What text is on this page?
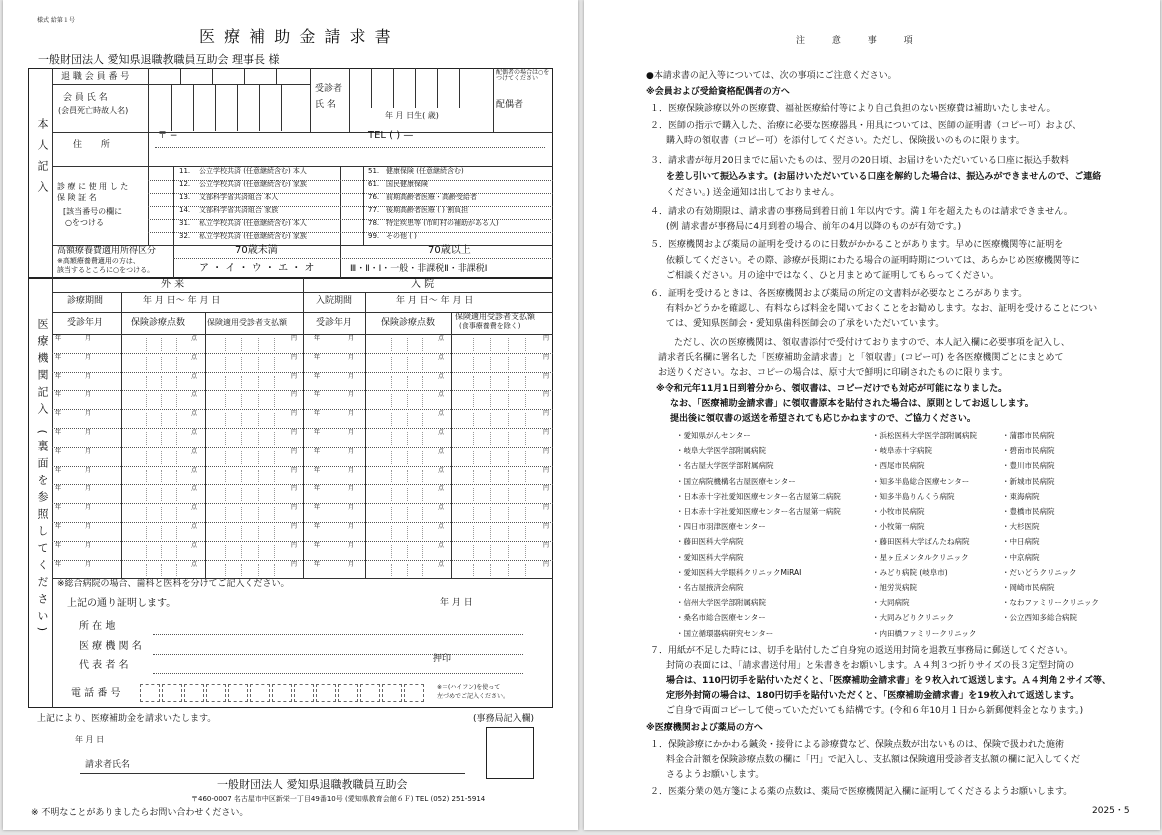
様式 給第１号
医 療 補 助 金 請 求 書
一般財団法人 愛知県退職教職員互助会 理事長 様
本人記入
退 職 会 員 番 号
会 員 氏 名
(会員死亡時故人名)
受診者
氏 名
年 月 日生( 歳)
配偶者の場合は○をつけてください
配偶者
住 所
〒 −	TEL ( ) —
診 療 に 使 用 し た
保 険 証 名
[該当番号の欄に
○をつける
高額療養費適用所得区分
※高額療養費適用の方は、
該当するところに○をつける。
70歳未満	70歳以上
ア ・ イ ・ ウ ・ エ ・ オ	Ⅲ・Ⅱ・Ⅰ・一般・非課税Ⅱ・非課税Ⅰ
医療機関記入 (裏面を参照してください)
外 来	入 院
診療期間	年 月 日〜 年 月 日	入院期間	年 月 日〜 年 月 日
受診年月	保険診療点数	保険適用受診者支払額	受診年月	保険診療点数
保険適用受診者支払額
(食事療養費を除く)
※総合病院の場合、歯科と医科を分けてご記入ください。
上記の通り証明します。	年 月 日
所 在 地
医 療 機 関 名
代 表 者 名
押印
電 話 番 号
※＝(ハイフン)を使って
左づめでご記入ください。
上記により、医療補助金を請求いたします。	(事務局記入欄)
年 月 日
請求者氏名
一般財団法人 愛知県退職教職員互助会
〒460-0007 名古屋市中区新栄一丁目49番10号 (愛知県教育会館６Ｆ) TEL (052) 251-5914
※ 不明なことがありましたらお問い合わせください。
11. 公立学校共済 (任意継続含む) 本人	51. 健康保険 (任意継続含む)
12. 公立学校共済 (任意継続含む) 家族	61. 国民健康保険
13. 文部科学省共済組合 本人	76. 前期高齢者医療・高齢受給者
14. 文部科学省共済組合 家族	77. 後期高齢者医療 ( ) 割負担
31. 私立学校共済 (任意継続含む) 本人	78. 特定疾患等 (市町村の補助がある人)
32. 私立学校共済 (任意継続含む) 家族	99. その他 ( )
年	月	点	円	年	月	点	円
年	月	点	円	年	月	点	円
年	月	点	円	年	月	点	円
年	月	点	円	年	月	点	円
年	月	点	円	年	月	点	円
年	月	点	円	年	月	点	円
年	月	点	円	年	月	点	円
年	月	点	円	年	月	点	円
年	月	点	円	年	月	点	円
年	月	点	円	年	月	点	円
年	月	点	円	年	月	点	円
年	月	点	円	年	月	点	円
年	月	点	円	年	月	点	円
注 意 事 項
●本請求書の記入等については、次の事項にご注意ください。
※会員および受給資格配偶者の方へ
１．医療保険診療以外の医療費、福祉医療給付等により自己負担のない医療費は補助いたしません。
２．医師の指示で購入した、治療に必要な医療器具・用具については、医師の証明書（コピー可）および、
購入時の領収書（コピー可）を添付してください。ただし、保険扱いのものに限ります。
３．請求書が毎月20日までに届いたものは、翌月の20日頃、お届けをいただいている口座に振込手数料
を差し引いて振込みます。(お届けいただいている口座を解約した場合は、振込みができませんので、ご連絡
ください。) 送金通知は出しておりません。
４．請求の有効期限は、請求書の事務局到着日前１年以内です。満１年を超えたものは請求できません。
(例 請求書が事務局に4月到着の場合、前年の4月以降のものが有効です。)
５．医療機関および薬局の証明を受けるのに日数がかかることがあります。早めに医療機関等に証明を
依頼してください。その際、診療が長期にわたる場合の証明時期については、あらかじめ医療機関等に
ご相談ください。月の途中ではなく、ひと月まとめて証明してもらってください。
６．証明を受けるときは、各医療機関および薬局の所定の文書料が必要なところがあります。
有料かどうかを確認し、有料ならば料金を聞いておくことをお勧めします。なお、証明を受けることについ
ては、愛知県医師会・愛知県歯科医師会の了承をいただいています。
ただし、次の医療機関は、領収書添付で受付けておりますので、本人記入欄に必要事項を記入し、
請求者氏名欄に署名した「医療補助金請求書」と「領収書」(コピー可) を各医療機関ごとにまとめて
お送りください。なお、コピーの場合は、原寸大で鮮明に印刷されたものに限ります。
※令和元年11月1日到着分から、領収書は、コピーだけでも対応が可能になりました。
なお、「医療補助金請求書」に領収書原本を貼付された場合は、原則としてお返しします。
提出後に領収書の返送を希望されても応じかねますので、ご協力ください。
７．用紙が不足した時には、切手を貼付したご自身宛の返送用封筒を退教互事務局に郵送してください。
封筒の表面には、「請求書送付用」と朱書きをお願いします。Ａ４判３つ折りサイズの長３定型封筒の
場合は、110円切手を貼付いただくと、「医療補助金請求書」を９枚入れて返送します。Ａ４判角２サイズ等、
定形外封筒の場合は、180円切手を貼付いただくと、「医療補助金請求書」を19枚入れて返送します。
ご自身で両面コピーして使っていただいても結構です。(令和６年10月１日から新郵便料金となります。)
※医療機関および薬局の方へ
１．保険診療にかかわる鍼灸・接骨による診療費など、保険点数が出ないものは、保険で扱われた施術
料金合計額を保険診療点数の欄に「円」で記入し、支払額は保険適用受診者支払額の欄に記入してくだ
さるようお願いします。
２．医薬分業の処方箋による薬の点数は、薬局で医療機関記入欄に証明してくださるようお願いします。
2025・5
・愛知県がんセンター
・岐阜大学医学部附属病院
・名古屋大学医学部附属病院
・国立病院機構名古屋医療センター
・日本赤十字社愛知医療センター名古屋第二病院
・日本赤十字社愛知医療センター名古屋第一病院
・四日市羽津医療センター
・藤田医科大学病院
・愛知医科大学病院
・愛知医科大学眼科クリニックMiRAI
・名古屋掖済会病院
・信州大学医学部附属病院
・桑名市総合医療センター
・国立循環器病研究センター
・浜松医科大学医学部附属病院
・岐阜赤十字病院
・西尾市民病院
・知多半島総合医療センター
・知多半島りんくう病院
・小牧市民病院
・小牧第一病院
・藤田医科大学ばんたね病院
・星ヶ丘メンタルクリニック
・みどり病院 (岐阜市)
・旭労災病院
・大同病院
・大同みどりクリニック
・内田橋ファミリークリニック
・蒲郡市民病院
・碧南市民病院
・豊川市民病院
・新城市民病院
・東海病院
・豊橋市民病院
・大杉医院
・中日病院
・中京病院
・だいどうクリニック
・岡崎市民病院
・なわファミリークリニック
・公立西知多総合病院
